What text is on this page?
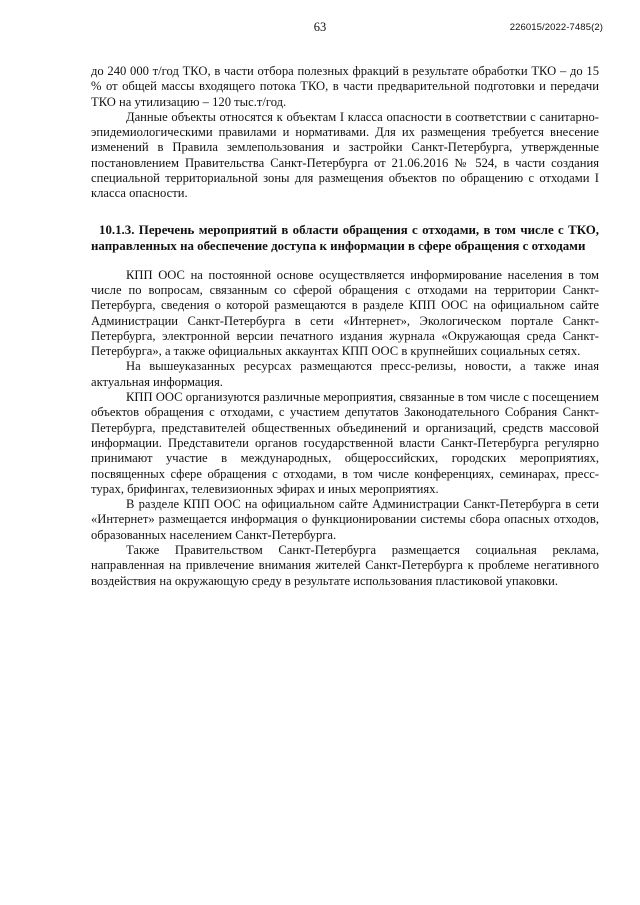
63	226015/2022-7485(2)

до 240 000 т/год ТКО, в части отбора полезных фракций в результате обработки ТКО – до 15 % от общей массы входящего потока ТКО, в части предварительной подготовки и передачи ТКО на утилизацию – 120 тыс.т/год.

Данные объекты относятся к объектам I класса опасности в соответствии с санитарно-эпидемиологическими правилами и нормативами. Для их размещения требуется внесение изменений в Правила землепользования и застройки Санкт-Петербурга, утвержденные постановлением Правительства Санкт-Петербурга от 21.06.2016 № 524, в части создания специальной территориальной зоны для размещения объектов по обращению с отходами I класса опасности.

10.1.3. Перечень мероприятий в области обращения с отходами, в том числе с ТКО, направленных на обеспечение доступа к информации в сфере обращения с отходами

КПП ООС на постоянной основе осуществляется информирование населения в том числе по вопросам, связанным со сферой обращения с отходами на территории Санкт-Петербурга, сведения о которой размещаются в разделе КПП ООС на официальном сайте Администрации Санкт-Петербурга в сети «Интернет», Экологическом портале Санкт-Петербурга, электронной версии печатного издания журнала «Окружающая среда Санкт-Петербурга», а также официальных аккаунтах КПП ООС в крупнейших социальных сетях.

На вышеуказанных ресурсах размещаются пресс-релизы, новости, а также иная актуальная информация.

КПП ООС организуются различные мероприятия, связанные в том числе с посещением объектов обращения с отходами, с участием депутатов Законодательного Собрания Санкт-Петербурга, представителей общественных объединений и организаций, средств массовой информации. Представители органов государственной власти Санкт-Петербурга регулярно принимают участие в международных, общероссийских, городских мероприятиях, посвященных сфере обращения с отходами, в том числе конференциях, семинарах, пресс-турах, брифингах, телевизионных эфирах и иных мероприятиях.

В разделе КПП ООС на официальном сайте Администрации Санкт-Петербурга в сети «Интернет» размещается информация о функционировании системы сбора опасных отходов, образованных населением Санкт-Петербурга.

Также Правительством Санкт-Петербурга размещается социальная реклама, направленная на привлечение внимания жителей Санкт-Петербурга к проблеме негативного воздействия на окружающую среду в результате использования пластиковой упаковки.
